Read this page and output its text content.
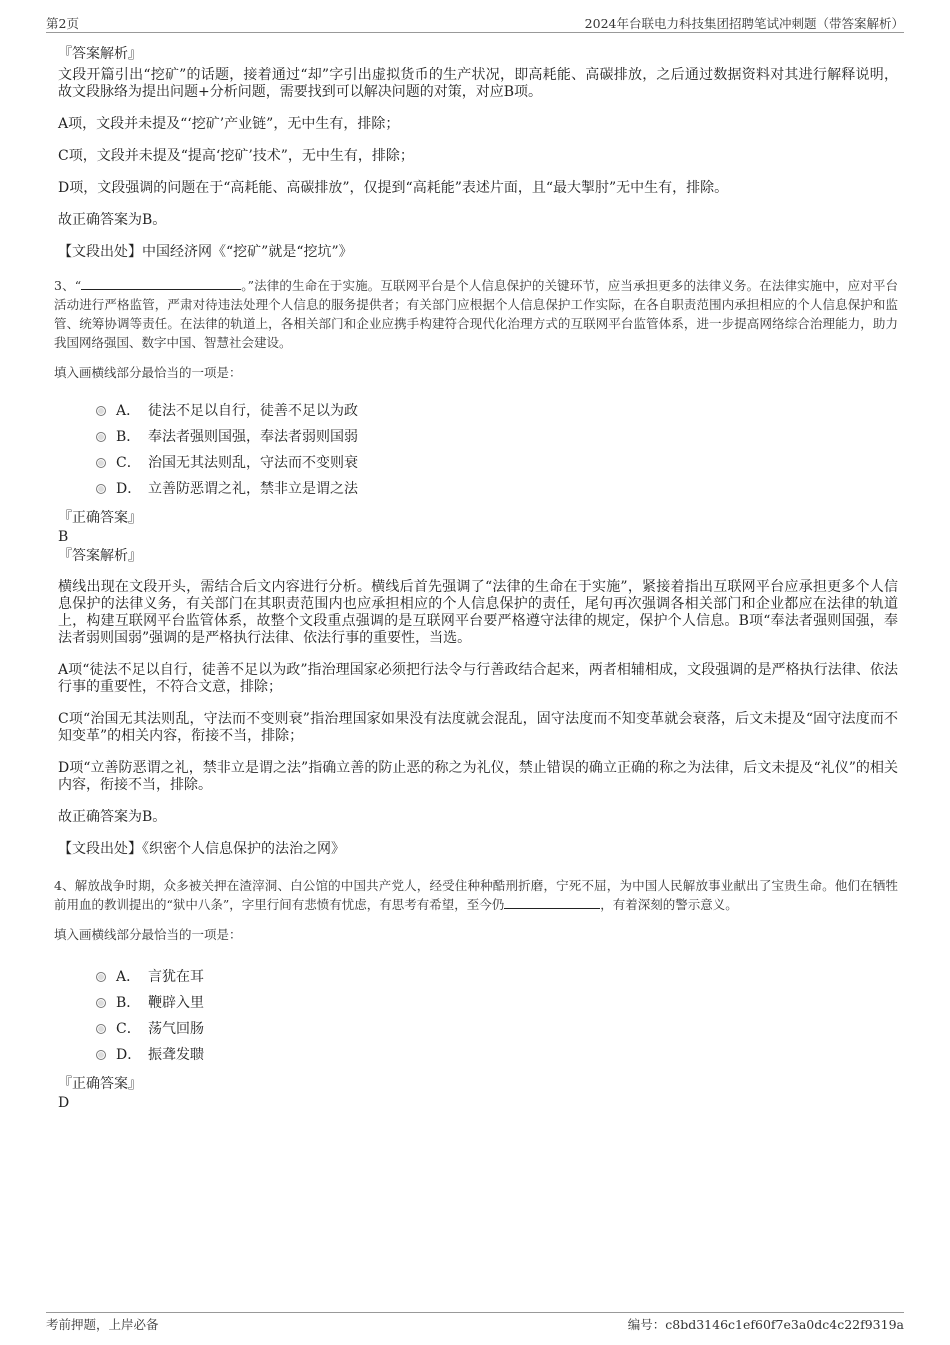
第2页	2024年台联电力科技集团招聘笔试冲刺题（带答案解析）
『答案解析』
文段开篇引出“挖矿”的话题，接着通过“却”字引出虚拟货币的生产状况，即高耗能、高碳排放，之后通过数据资料对其进行解释说明，故文段脉络为提出问题+分析问题，需要找到可以解决问题的对策，对应B项。
A项，文段并未提及“‘挖矿’产业链”，无中生有，排除；
C项，文段并未提及“提高‘挖矿’技术”，无中生有，排除；
D项，文段强调的问题在于“高耗能、高碳排放”，仅提到“高耗能”表述片面，且“最大掣肘”无中生有，排除。
故正确答案为B。
【文段出处】中国经济网《“挖矿”就是“挖坑”》
3、“	。”法律的生命在于实施。互联网平台是个人信息保护的关键环节，应当承担更多的法律义务。在法律实施中，应对平台活动进行严格监管，严肃对待违法处理个人信息的服务提供者；有关部门应根据个人信息保护工作实际，在各自职责范围内承担相应的个人信息保护和监管、统筹协调等责任。在法律的轨道上，各相关部门和企业应携手构建符合现代化治理方式的互联网平台监管体系，进一步提高网络综合治理能力，助力我国网络强国、数字中国、智慧社会建设。
填入画横线部分最恰当的一项是：
A． 徒法不足以自行，徒善不足以为政
B． 奉法者强则国强，奉法者弱则国弱
C． 治国无其法则乱，守法而不变则衰
D． 立善防恶谓之礼，禁非立是谓之法
『正确答案』
B
『答案解析』
横线出现在文段开头，需结合后文内容进行分析。横线后首先强调了“法律的生命在于实施”，紧接着指出互联网平台应承担更多个人信息保护的法律义务，有关部门在其职责范围内也应承担相应的个人信息保护的责任，尾句再次强调各相关部门和企业都应在法律的轨道上，构建互联网平台监管体系，故整个文段重点强调的是互联网平台要严格遵守法律的规定，保护个人信息。B项“奉法者强则国强，奉法者弱则国弱”强调的是严格执行法律、依法行事的重要性，当选。
A项“徒法不足以自行，徒善不足以为政”指治理国家必须把行法令与行善政结合起来，两者相辅相成，文段强调的是严格执行法律、依法行事的重要性，不符合文意，排除；
C项“治国无其法则乱，守法而不变则衰”指治理国家如果没有法度就会混乱，固守法度而不知变革就会衰落，后文未提及“固守法度而不知变革”的相关内容，衔接不当，排除；
D项“立善防恶谓之礼，禁非立是谓之法”指确立善的防止恶的称之为礼仪，禁止错误的确立正确的称之为法律，后文未提及“礼仪”的相关内容，衔接不当，排除。
故正确答案为B。
【文段出处】《织密个人信息保护的法治之网》
4、解放战争时期，众多被关押在渣滓洞、白公馆的中国共产党人，经受住种种酷刑折磨，宁死不屈，为中国人民解放事业献出了宝贵生命。他们在牺牲前用血的教训提出的“狱中八条”，字里行间有悲愤有忧虑，有思考有希望，至今仍	，有着深刻的警示意义。
填入画横线部分最恰当的一项是：
A． 言犹在耳
B． 鞭辟入里
C． 荡气回肠
D． 振聋发聩
『正确答案』
D
考前押题，上岸必备	编号：c8bd3146c1ef60f7e3a0dc4c22f9319a
